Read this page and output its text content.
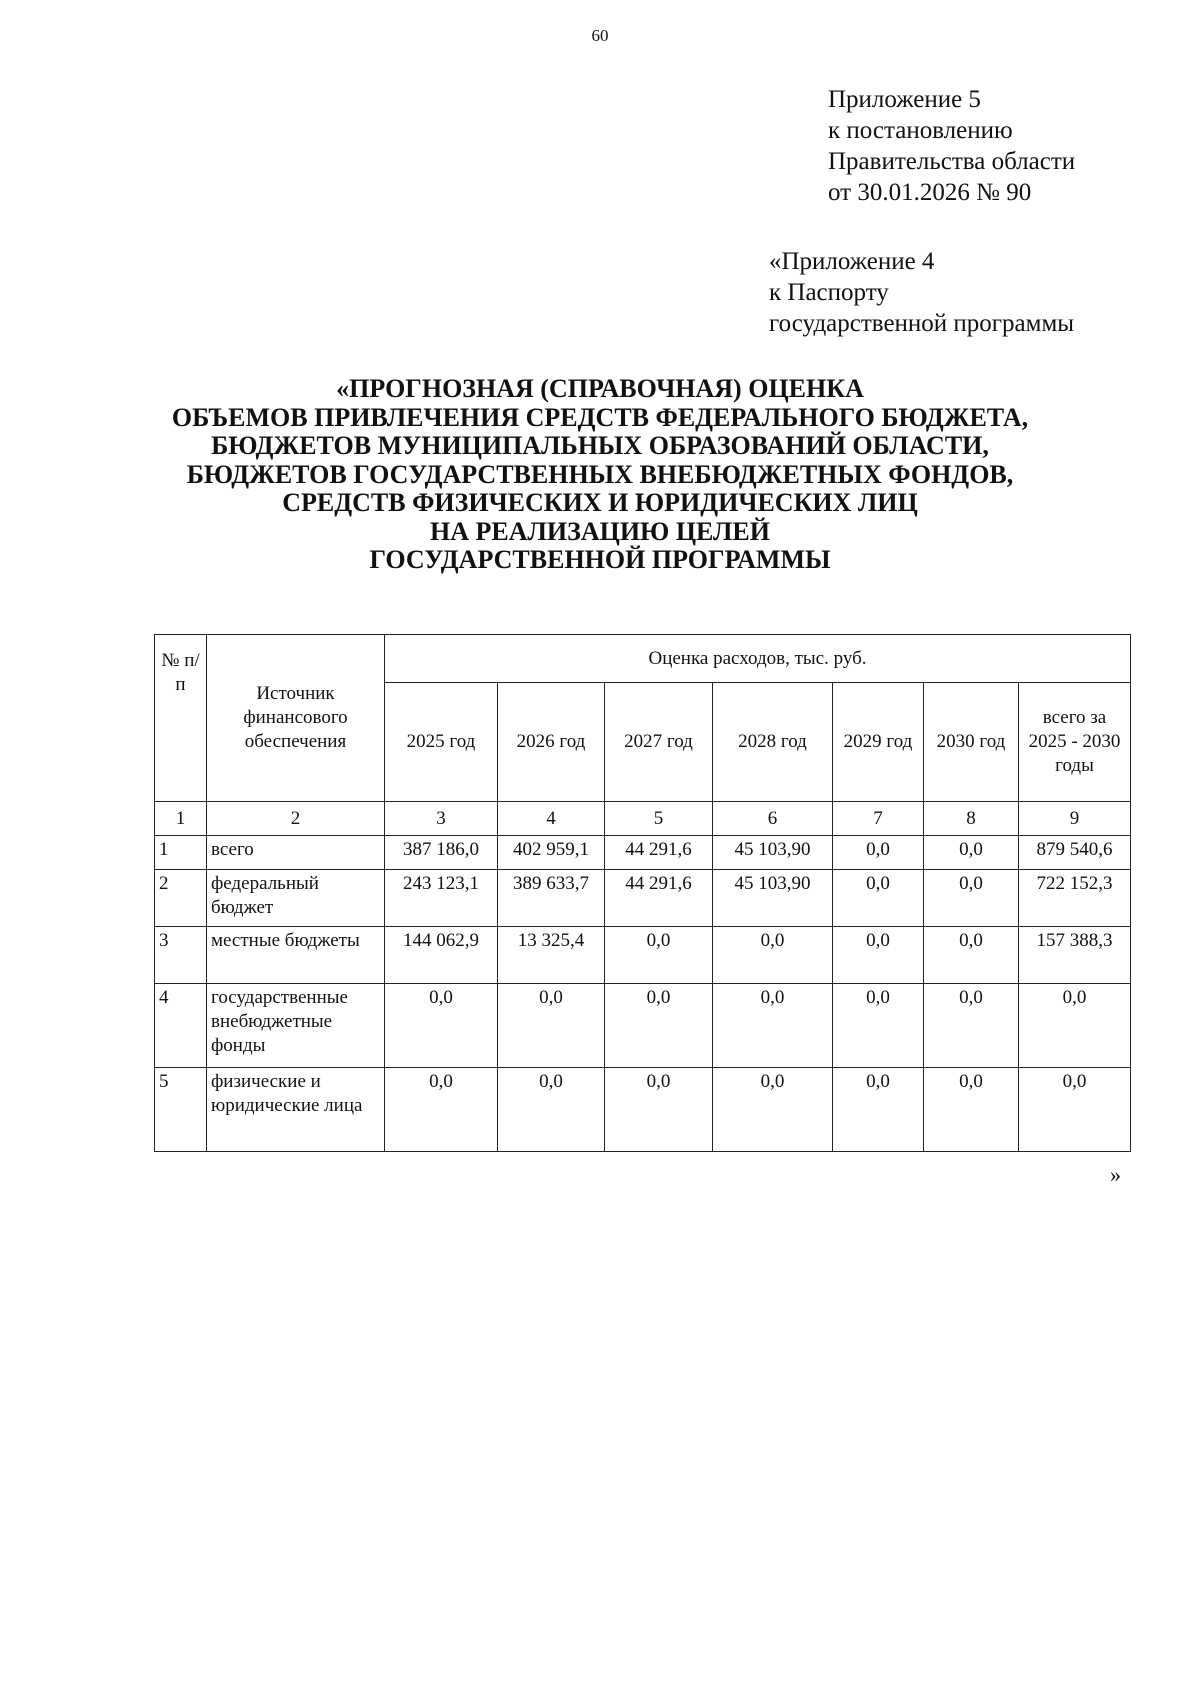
60
Приложение 5
к постановлению
Правительства области
от 30.01.2026 № 90
«Приложение 4
к Паспорту
государственной программы
«ПРОГНОЗНАЯ (СПРАВОЧНАЯ) ОЦЕНКА
ОБЪЕМОВ ПРИВЛЕЧЕНИЯ СРЕДСТВ ФЕДЕРАЛЬНОГО БЮДЖЕТА,
БЮДЖЕТОВ МУНИЦИПАЛЬНЫХ ОБРАЗОВАНИЙ ОБЛАСТИ,
БЮДЖЕТОВ ГОСУДАРСТВЕННЫХ ВНЕБЮДЖЕТНЫХ ФОНДОВ,
СРЕДСТВ ФИЗИЧЕСКИХ И ЮРИДИЧЕСКИХ ЛИЦ
НА РЕАЛИЗАЦИЮ ЦЕЛЕЙ
ГОСУДАРСТВЕННОЙ ПРОГРАММЫ
№ п/п	Источник финансового обеспечения	Оценка расходов, тыс. руб.						
		2025 год	2026 год	2027 год	2028 год	2029 год	2030 год	всего за 2025 - 2030 годы
1	2	3	4	5	6	7	8	9
1	всего	387 186,0	402 959,1	44 291,6	45 103,90	0,0	0,0	879 540,6
2	федеральный бюджет	243 123,1	389 633,7	44 291,6	45 103,90	0,0	0,0	722 152,3
3	местные бюджеты	144 062,9	13 325,4	0,0	0,0	0,0	0,0	157 388,3
4	государственные внебюджетные фонды	0,0	0,0	0,0	0,0	0,0	0,0	0,0
5	физические и юридические лица	0,0	0,0	0,0	0,0	0,0	0,0	0,0
»
